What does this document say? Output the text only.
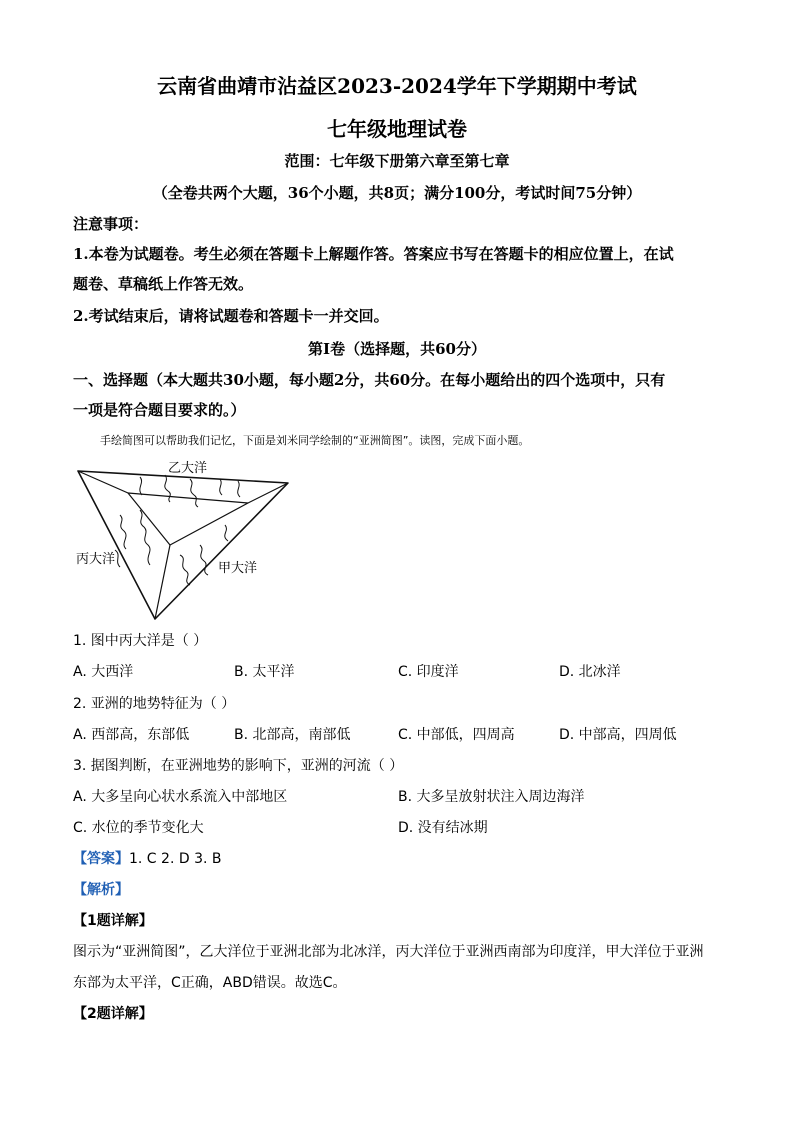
云南省曲靖市沾益区2023-2024学年下学期期中考试
七年级地理试卷
范围：七年级下册第六章至第七章
（全卷共两个大题，36个小题，共8页；满分100分，考试时间75分钟）
注意事项：
1.本卷为试题卷。考生必须在答题卡上解题作答。答案应书写在答题卡的相应位置上，在试
题卷、草稿纸上作答无效。
2.考试结束后，请将试题卷和答题卡一并交回。
第I卷（选择题，共60分）
一、选择题（本大题共30小题，每小题2分，共60分。在每小题给出的四个选项中，只有
一项是符合题目要求的。）
手绘简图可以帮助我们记忆，下面是刘米同学绘制的“亚洲简图”。读图，完成下面小题。
乙大洋
丙大洋
甲大洋
1. 图中丙大洋是（ ）
A. 大西洋	B. 太平洋	C. 印度洋	D. 北冰洋
2. 亚洲的地势特征为（ ）
A. 西部高，东部低	B. 北部高，南部低	C. 中部低，四周高	D. 中部高，四周低
3. 据图判断，在亚洲地势的影响下，亚洲的河流（ ）
A. 大多呈向心状水系流入中部地区	B. 大多呈放射状注入周边海洋
C. 水位的季节变化大	D. 没有结冰期
【答案】1. C 2. D 3. B
【解析】
【1题详解】
图示为“亚洲简图”，乙大洋位于亚洲北部为北冰洋，丙大洋位于亚洲西南部为印度洋，甲大洋位于亚洲
东部为太平洋，C正确，ABD错误。故选C。
【2题详解】
